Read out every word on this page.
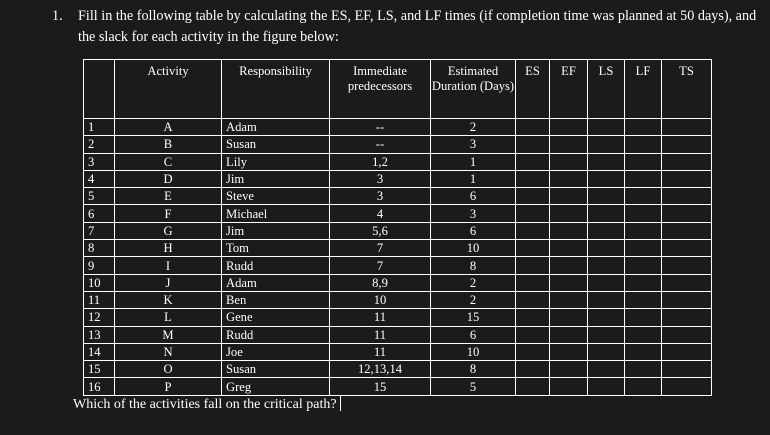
1. Fill in the following table by calculating the ES, EF, LS, and LF times (if completion time was planned at 50 days), and the slack for each activity in the figure below:
	Activity	Responsibility	Immediate predecessors	Estimated Duration (Days)	ES	EF	LS	LF	TS
1	A	Adam	--	2					
2	B	Susan	--	3					
3	C	Lily	1,2	1					
4	D	Jim	3	1					
5	E	Steve	3	6					
6	F	Michael	4	3					
7	G	Jim	5,6	6					
8	H	Tom	7	10					
9	I	Rudd	7	8					
10	J	Adam	8,9	2					
11	K	Ben	10	2					
12	L	Gene	11	15					
13	M	Rudd	11	6					
14	N	Joe	11	10					
15	O	Susan	12,13,14	8					
16	P	Greg	15	5					
Which of the activities fall on the critical path?
